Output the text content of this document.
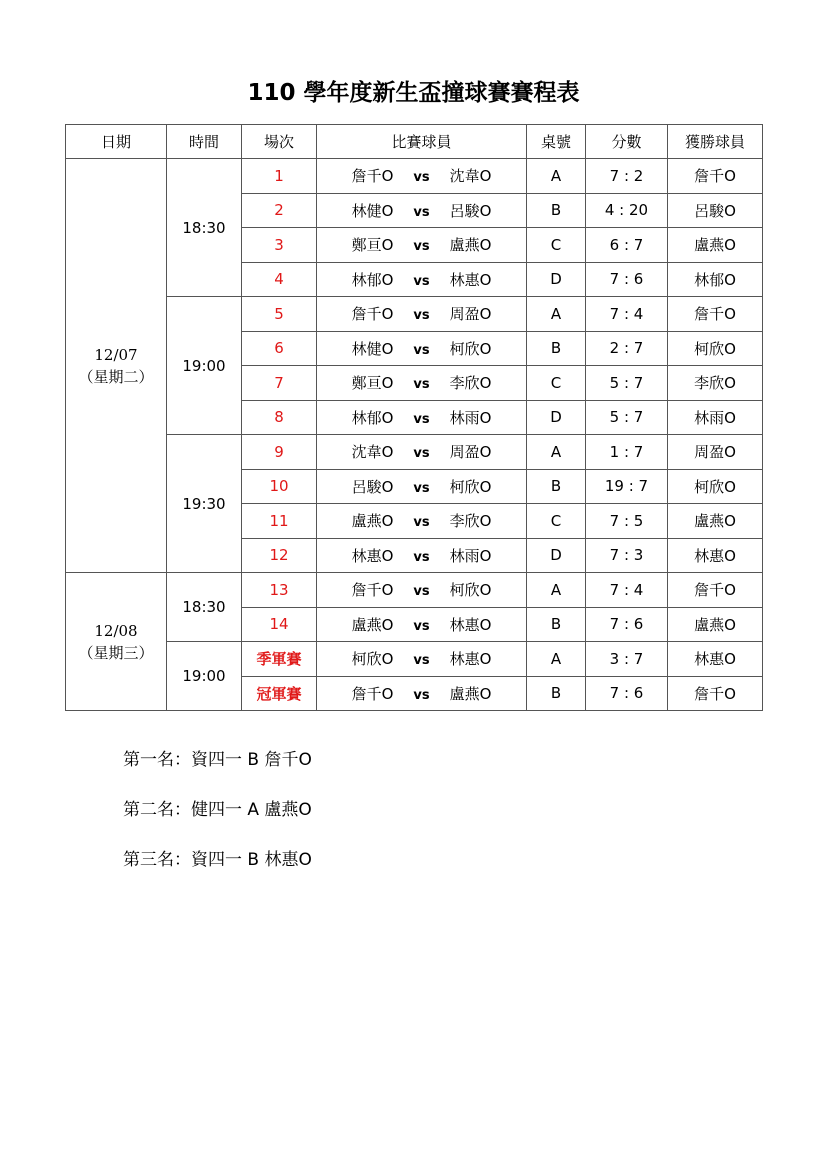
110 學年度新生盃撞球賽賽程表
日期	時間	場次	比賽球員	桌號	分數	獲勝球員

12/07
（星期二）	18:30	1	詹千O vs 沈韋O	A	7 : 2	詹千O
		2	林健O vs 呂駿O	B	4 : 20	呂駿O
		3	鄭亘O vs 盧燕O	C	6 : 7	盧燕O
		4	林郁O vs 林惠O	D	7 : 6	林郁O
	19:00	5	詹千O vs 周盈O	A	7 : 4	詹千O
		6	林健O vs 柯欣O	B	2 : 7	柯欣O
		7	鄭亘O vs 李欣O	C	5 : 7	李欣O
		8	林郁O vs 林雨O	D	5 : 7	林雨O
	19:30	9	沈韋O vs 周盈O	A	1 : 7	周盈O
		10	呂駿O vs 柯欣O	B	19 : 7	柯欣O
		11	盧燕O vs 李欣O	C	7 : 5	盧燕O
		12	林惠O vs 林雨O	D	7 : 3	林惠O

12/08
（星期三）	18:30	13	詹千O vs 柯欣O	A	7 : 4	詹千O
		14	盧燕O vs 林惠O	B	7 : 6	盧燕O
	19:00	季軍賽	柯欣O vs 林惠O	A	3 : 7	林惠O
		冠軍賽	詹千O vs 盧燕O	B	7 : 6	詹千O
第一名：資四一 B 詹千O
第二名：健四一 A 盧燕O
第三名：資四一 B 林惠O
